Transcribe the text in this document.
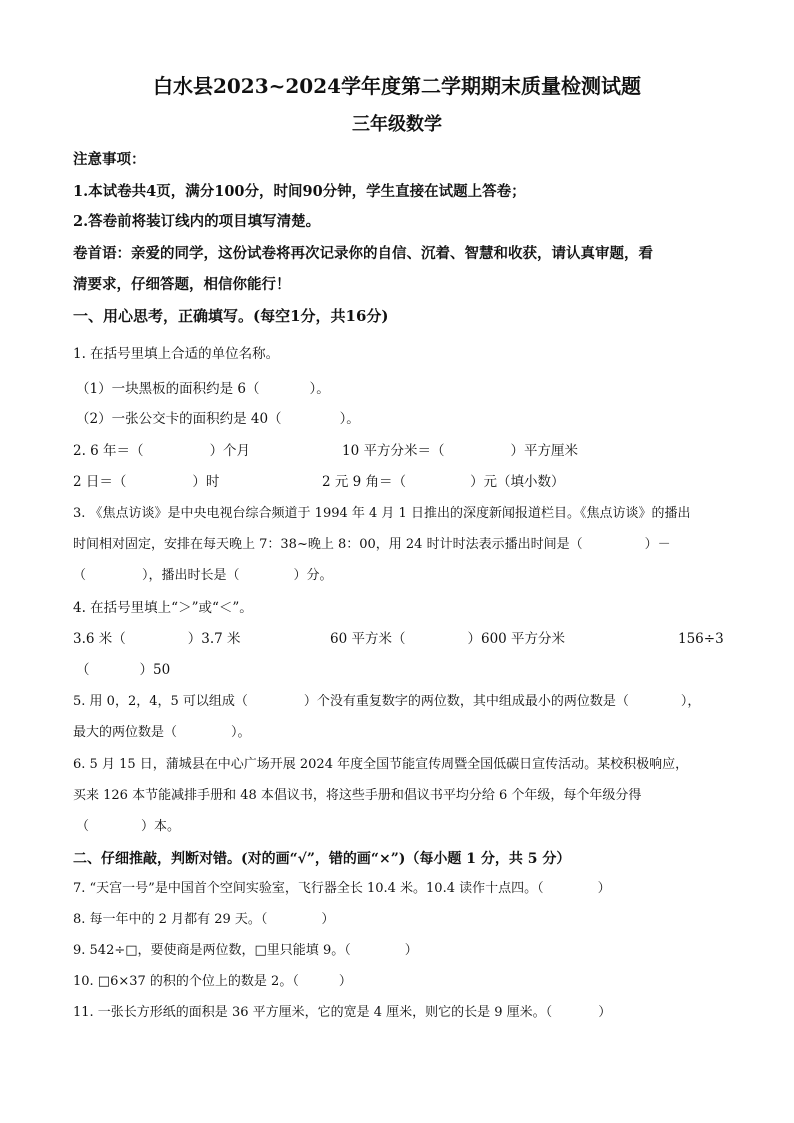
白水县2023~2024学年度第二学期期末质量检测试题
三年级数学
注意事项：
1.本试卷共4页，满分100分，时间90分钟，学生直接在试题上答卷；
2.答卷前将装订线内的项目填写清楚。
卷首语：亲爱的同学，这份试卷将再次记录你的自信、沉着、智慧和收获，请认真审题，看
清要求，仔细答题，相信你能行！
一、用心思考，正确填写。(每空1分，共16分)
1. 在括号里填上合适的单位名称。
（1）一块黑板的面积约是 6（	）。
（2）一张公交卡的面积约是 40（	）。
2. 6 年＝（	）个月	10 平方分米＝（	）平方厘米
2 日＝（	）时	2 元 9 角＝（	）元（填小数）
3. 《焦点访谈》是中央电视台综合频道于 1994 年 4 月 1 日推出的深度新闻报道栏目。《焦点访谈》的播出
时间相对固定，安排在每天晚上 7：38~晚上 8：00，用 24 时计时法表示播出时间是（	）－
（	），播出时长是（	）分。
4. 在括号里填上“＞”或“＜”。
3.6 米（	）3.7 米	60 平方米（	）600 平方分米	156÷3
（	）50
5. 用 0，2，4，5 可以组成（	）个没有重复数字的两位数，其中组成最小的两位数是（	），
最大的两位数是（	）。
6. 5 月 15 日，蒲城县在中心广场开展 2024 年度全国节能宣传周暨全国低碳日宣传活动。某校积极响应，
买来 126 本节能减排手册和 48 本倡议书，将这些手册和倡议书平均分给 6 个年级，每个年级分得
（	）本。
二、仔细推敲，判断对错。(对的画“√”，错的画“×”)（每小题 1 分，共 5 分）
7. “天宫一号”是中国首个空间实验室，飞行器全长 10.4 米。10.4 读作十点四。（	）
8. 每一年中的 2 月都有 29 天。（	）
9. 542÷□，要使商是两位数，□里只能填 9。（	）
10. □6×37 的积的个位上的数是 2。（	）
11. 一张长方形纸的面积是 36 平方厘米，它的宽是 4 厘米，则它的长是 9 厘米。（	）
